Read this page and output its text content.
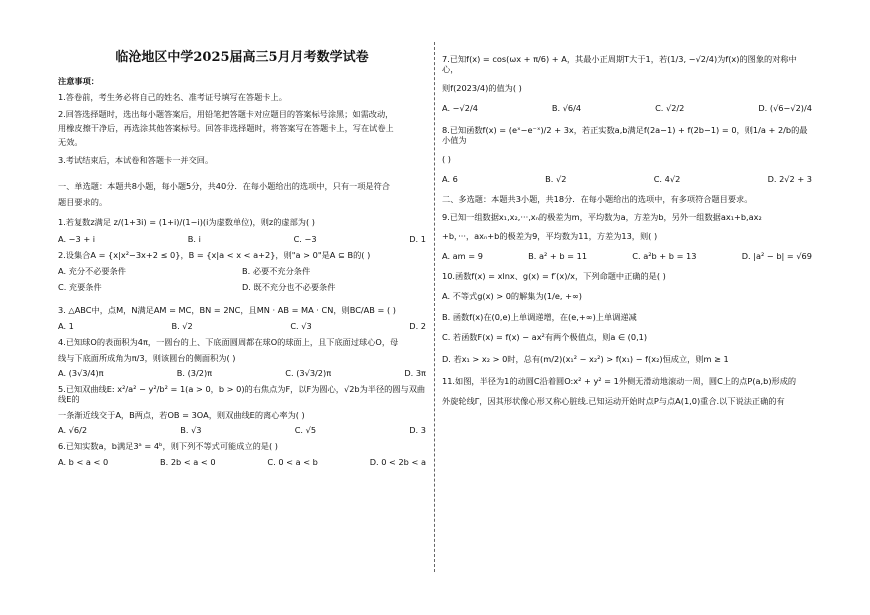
临沧地区中学2025届高三5月月考数学试卷
注意事项：
1.答卷前，考生务必将自己的姓名、准考证号填写在答题卡上。
2.回答选择题时，选出每小题答案后，用铅笔把答题卡对应题目的答案标号涂黑；如需改动，
用橡皮擦干净后，再选涂其他答案标号。回答非选择题时，将答案写在答题卡上，写在试卷上
无效。
3.考试结束后，本试卷和答题卡一并交回。
一、单选题：本题共8小题，每小题5分，共40分．在每小题给出的选项中，只有一项是符合
题目要求的。
1.若复数z满足 z/(1+3i) = (1+i)/(1−i)(i为虚数单位)，则z的虚部为( )
A. −3 + i	B. i	C. −3	D. 1
2.设集合A = {x|x²−3x+2 ≤ 0}，B = {x|a < x < a+2}，则"a > 0"是A ⊆ B的( )
A. 充分不必要条件	B. 必要不充分条件
C. 充要条件	D. 既不充分也不必要条件
3. △ABC中，点M，N满足AM = MC，BN = 2NC，且MN · AB = MA · CN，则BC/AB = ( )
A. 1	B. √2	C. √3	D. 2
4.已知球O的表面积为4π，一圆台的上、下底面圆周都在球O的球面上，且下底面过球心O，母
线与下底面所成角为π/3，则该圆台的侧面积为( )
A. (3√3/4)π	B. (3/2)π	C. (3√3/2)π	D. 3π
5.已知双曲线E: x²/a² − y²/b² = 1(a > 0，b > 0)的右焦点为F，以F为圆心，√2b为半径的圆与双曲线E的
一条渐近线交于A，B两点，若OB = 3OA，则双曲线E的离心率为( )
A. √6/2	B. √3	C. √5	D. 3
6.已知实数a，b满足3ᵃ = 4ᵇ，则下列不等式可能成立的是( )
A. b < a < 0	B. 2b < a < 0	C. 0 < a < b	D. 0 < 2b < a
7.已知f(x) = cos(ωx + π/6) + A，其最小正周期T大于1，若(1/3, −√2/4)为f(x)的图象的对称中心，
则f(2023/4)的值为( )
A. −√2/4	B. √6/4	C. √2/2	D. (√6−√2)/4
8.已知函数f(x) = (eˣ−e⁻ˣ)/2 + 3x，若正实数a,b满足f(2a−1) + f(2b−1) = 0，则1/a + 2/b的最小值为
( )
A. 6	B. √2	C. 4√2	D. 2√2 + 3
二、多选题：本题共3小题，共18分．在每小题给出的选项中，有多项符合题目要求。
9.已知一组数据x₁,x₂,···,xₙ的极差为m，平均数为a，方差为b，另外一组数据ax₁+b,ax₂
+b，···，axₙ+b的极差为9，平均数为11，方差为13，则( )
A. am = 9	B. a² + b = 11	C. a²b + b = 13	D. |a² − b| = √69
10.函数f(x) = xlnx、g(x) = f′(x)/x，下列命题中正确的是( )
A. 不等式g(x) > 0的解集为(1/e, +∞)
B. 函数f(x)在(0,e)上单调递增，在(e,+∞)上单调递减
C. 若函数F(x) = f(x) − ax²有两个极值点，则a ∈ (0,1)
D. 若x₁ > x₂ > 0时，总有(m/2)(x₁² − x₂²) > f(x₁) − f(x₂)恒成立，则m ≥ 1
11.如图，半径为1的动圆C沿着圆O:x² + y² = 1外侧无滑动地滚动一周，圆C上的点P(a,b)形成的
外旋轮线Γ，因其形状像心形又称心脏线.已知运动开始时点P与点A(1,0)重合.以下说法正确的有
